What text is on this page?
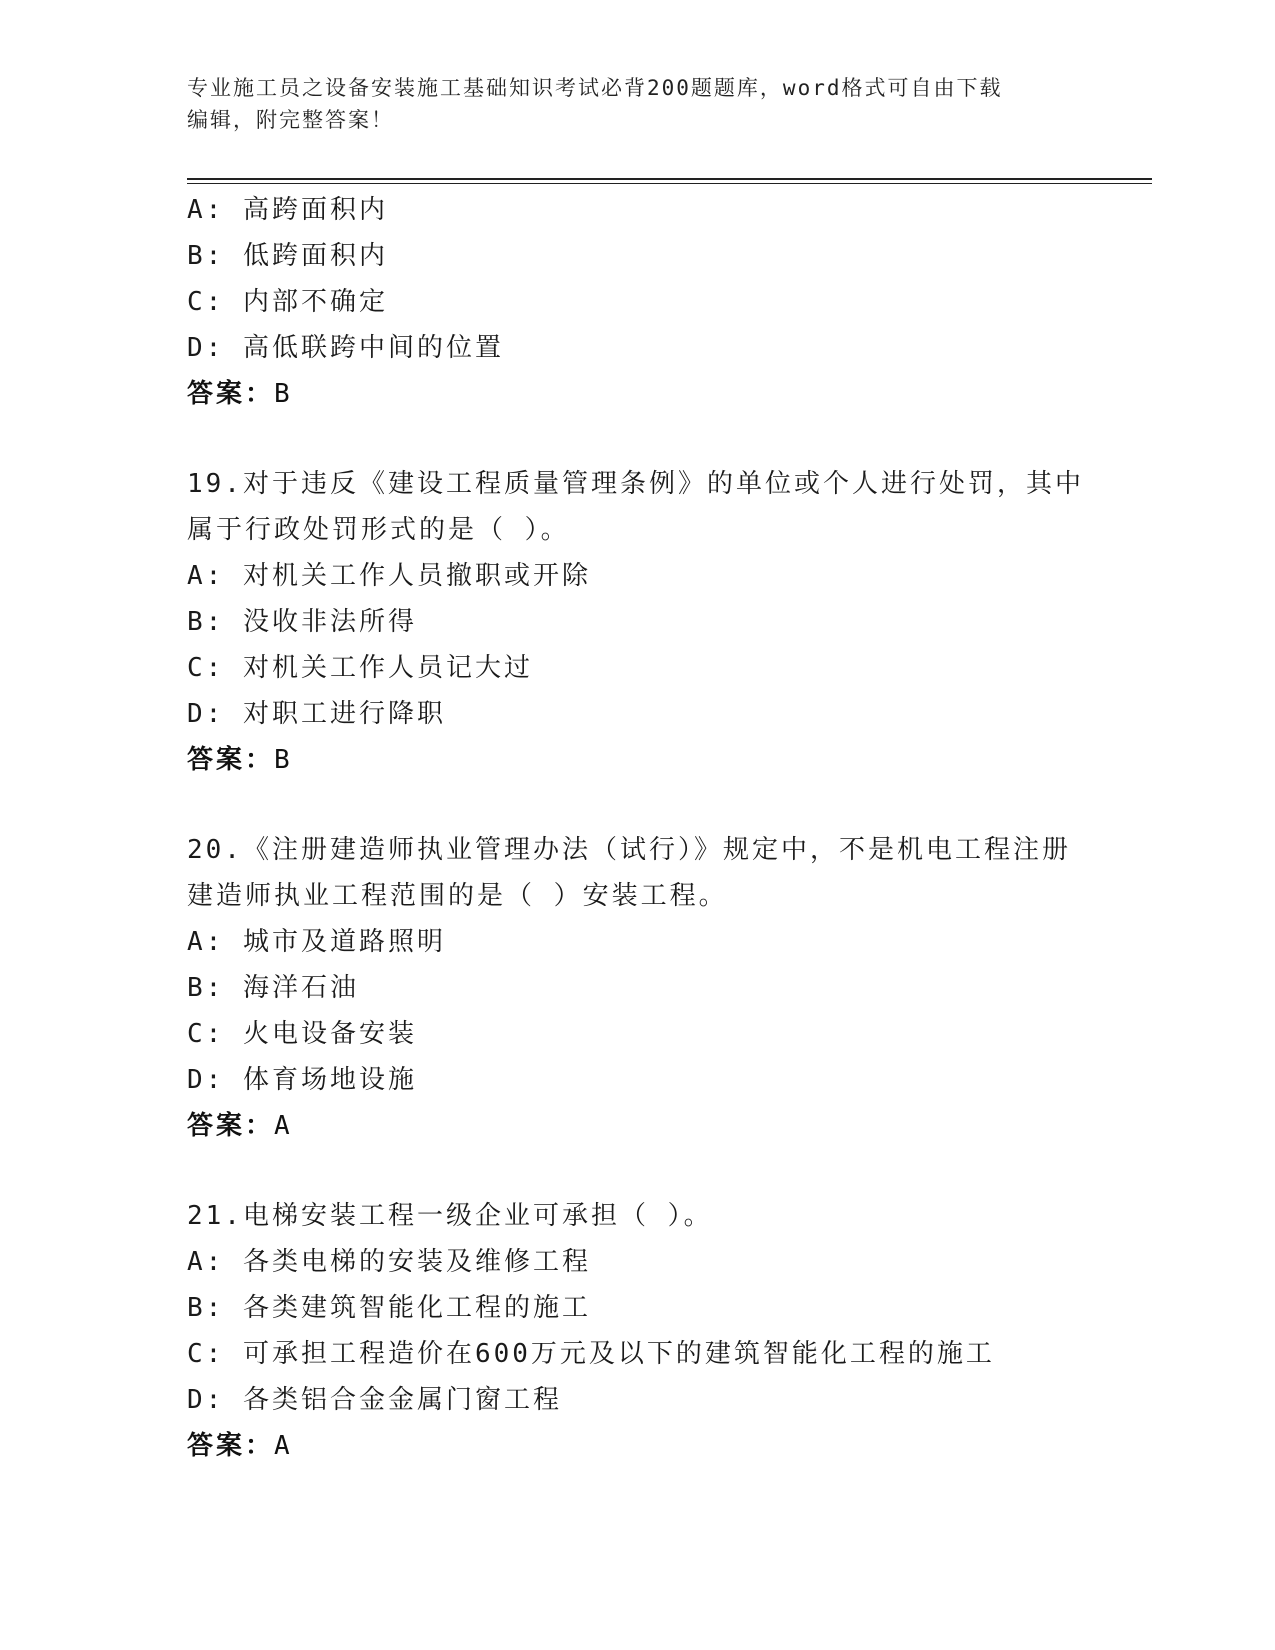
专业施工员之设备安装施工基础知识考试必背200题题库，word格式可自由下载
编辑，附完整答案！
A: 高跨面积内
B: 低跨面积内
C: 内部不确定
D: 高低联跨中间的位置
答案：B
19.对于违反《建设工程质量管理条例》的单位或个人进行处罚，其中
属于行政处罚形式的是（ ）。
A: 对机关工作人员撤职或开除
B: 没收非法所得
C: 对机关工作人员记大过
D: 对职工进行降职
答案：B
20.《注册建造师执业管理办法（试行）》规定中，不是机电工程注册
建造师执业工程范围的是（ ）安装工程。
A: 城市及道路照明
B: 海洋石油
C: 火电设备安装
D: 体育场地设施
答案：A
21.电梯安装工程一级企业可承担（ ）。
A: 各类电梯的安装及维修工程
B: 各类建筑智能化工程的施工
C: 可承担工程造价在600万元及以下的建筑智能化工程的施工
D: 各类铝合金金属门窗工程
答案：A
